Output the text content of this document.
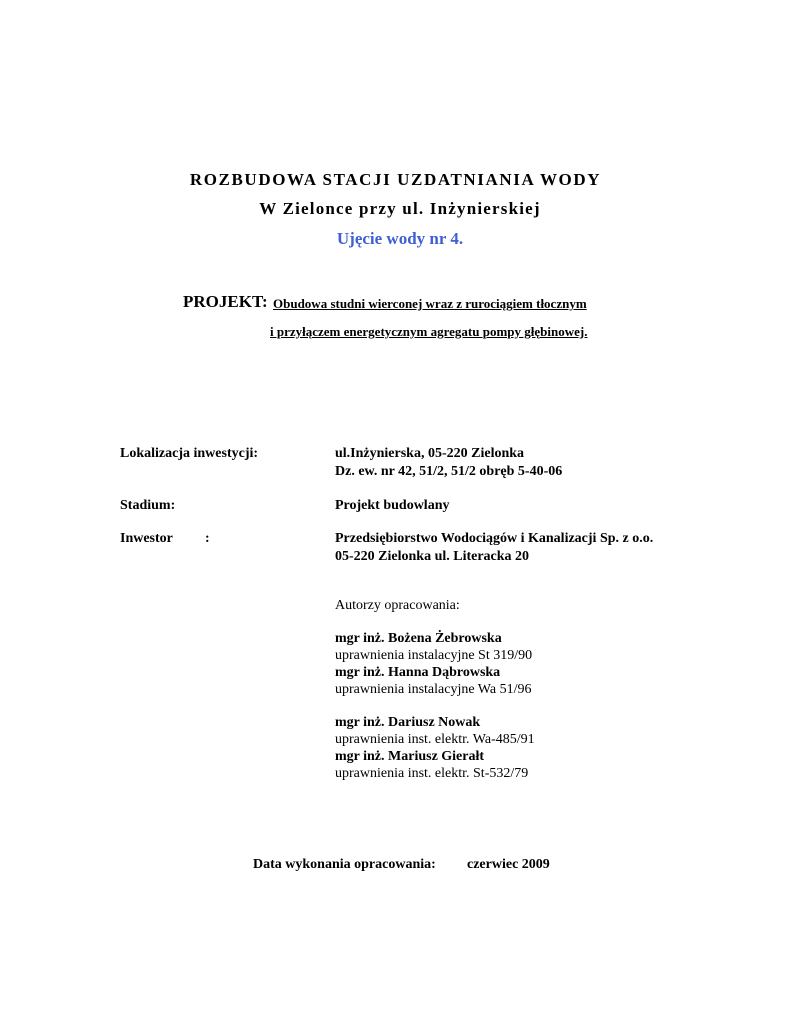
ROZBUDOWA STACJI UZDATNIANIA WODY
W Zielonce przy ul. Inżynierskiej
Ujęcie wody nr 4.
PROJEKT: Obudowa studni wierconej wraz z rurociągiem tłocznym
i przyłączem energetycznym agregatu pompy głębinowej.
Lokalizacja inwestycji:	ul.Inżynierska, 05-220 Zielonka
Dz. ew. nr 42, 51/2, 51/2 obręb 5-40-06
Stadium:	Projekt budowlany
Inwestor :	Przedsiębiorstwo Wodociągów i Kanalizacji Sp. z o.o.
05-220 Zielonka ul. Literacka 20
Autorzy opracowania:
mgr inż. Bożena Żebrowska
uprawnienia instalacyjne St 319/90
mgr inż. Hanna Dąbrowska
uprawnienia instalacyjne Wa 51/96
mgr inż. Dariusz Nowak
uprawnienia inst. elektr. Wa-485/91
mgr inż. Mariusz Gierałt
uprawnienia inst. elektr. St-532/79
Data wykonania opracowania: czerwiec 2009
